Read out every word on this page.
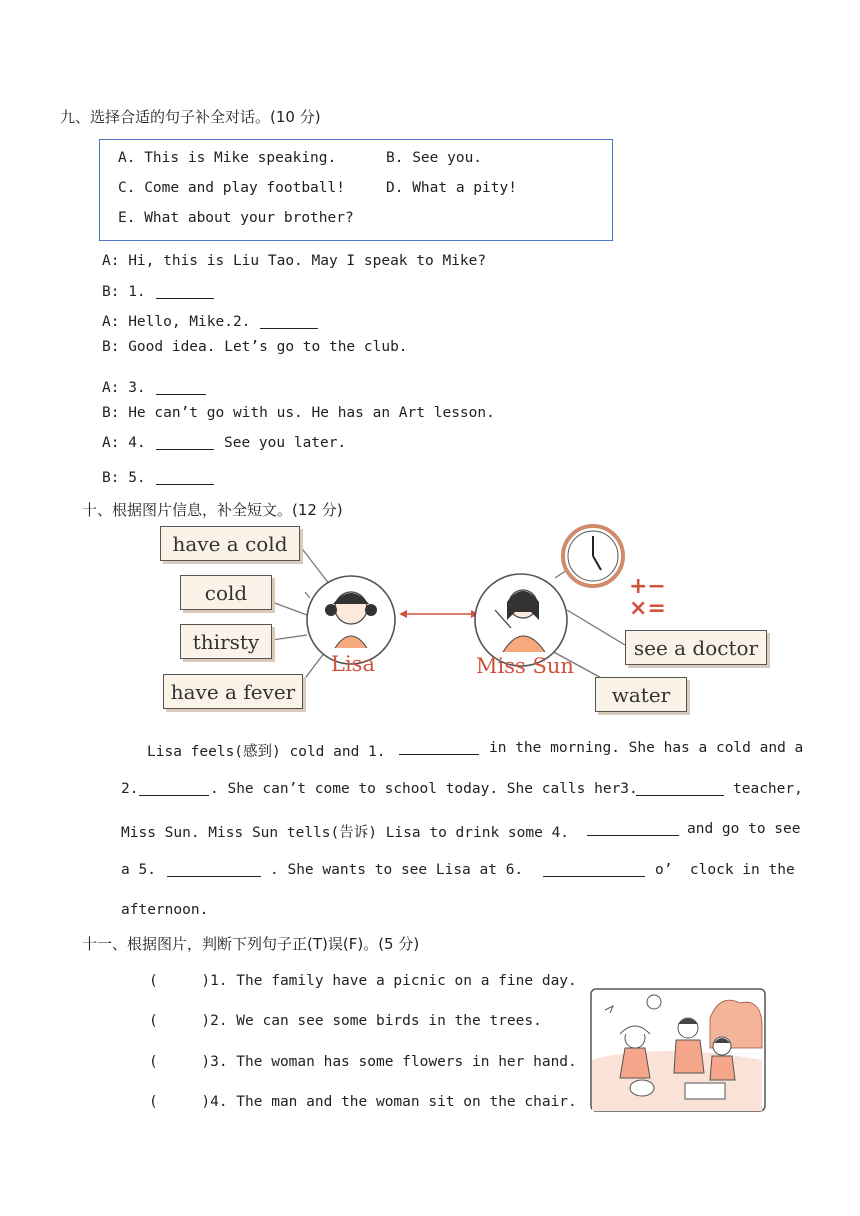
九、选择合适的句子补全对话。(10 分)
A. This is Mike speaking.	B. See you.
C. Come and play football!	D. What a pity!
E. What about your brother?
A: Hi, this is Liu Tao. May I speak to Mike?
B: 1.
A: Hello, Mike.2.
B: Good idea. Let’s go to the club.
A: 3.
B: He can’t go with us. He has an Art lesson.
A: 4.	See you later.
B: 5.
十、根据图片信息，补全短文。(12 分)
have a cold
cold
thirsty
have a fever
see a doctor
water
Lisa	Miss Sun
+−
×=
Lisa feels(感到) cold and 1.	in the morning. She has a cold and a
2.	. She can’t come to school today. She calls her3.	teacher,
Miss Sun. Miss Sun tells(告诉) Lisa to drink some 4.	and go to see
a 5.	. She wants to see Lisa at 6.	o’  clock in the
afternoon.
十一、根据图片，判断下列句子正(T)误(F)。(5 分)
(     )1. The family have a picnic on a fine day.
(     )2. We can see some birds in the trees.
(     )3. The woman has some flowers in her hand.
(     )4. The man and the woman sit on the chair.
